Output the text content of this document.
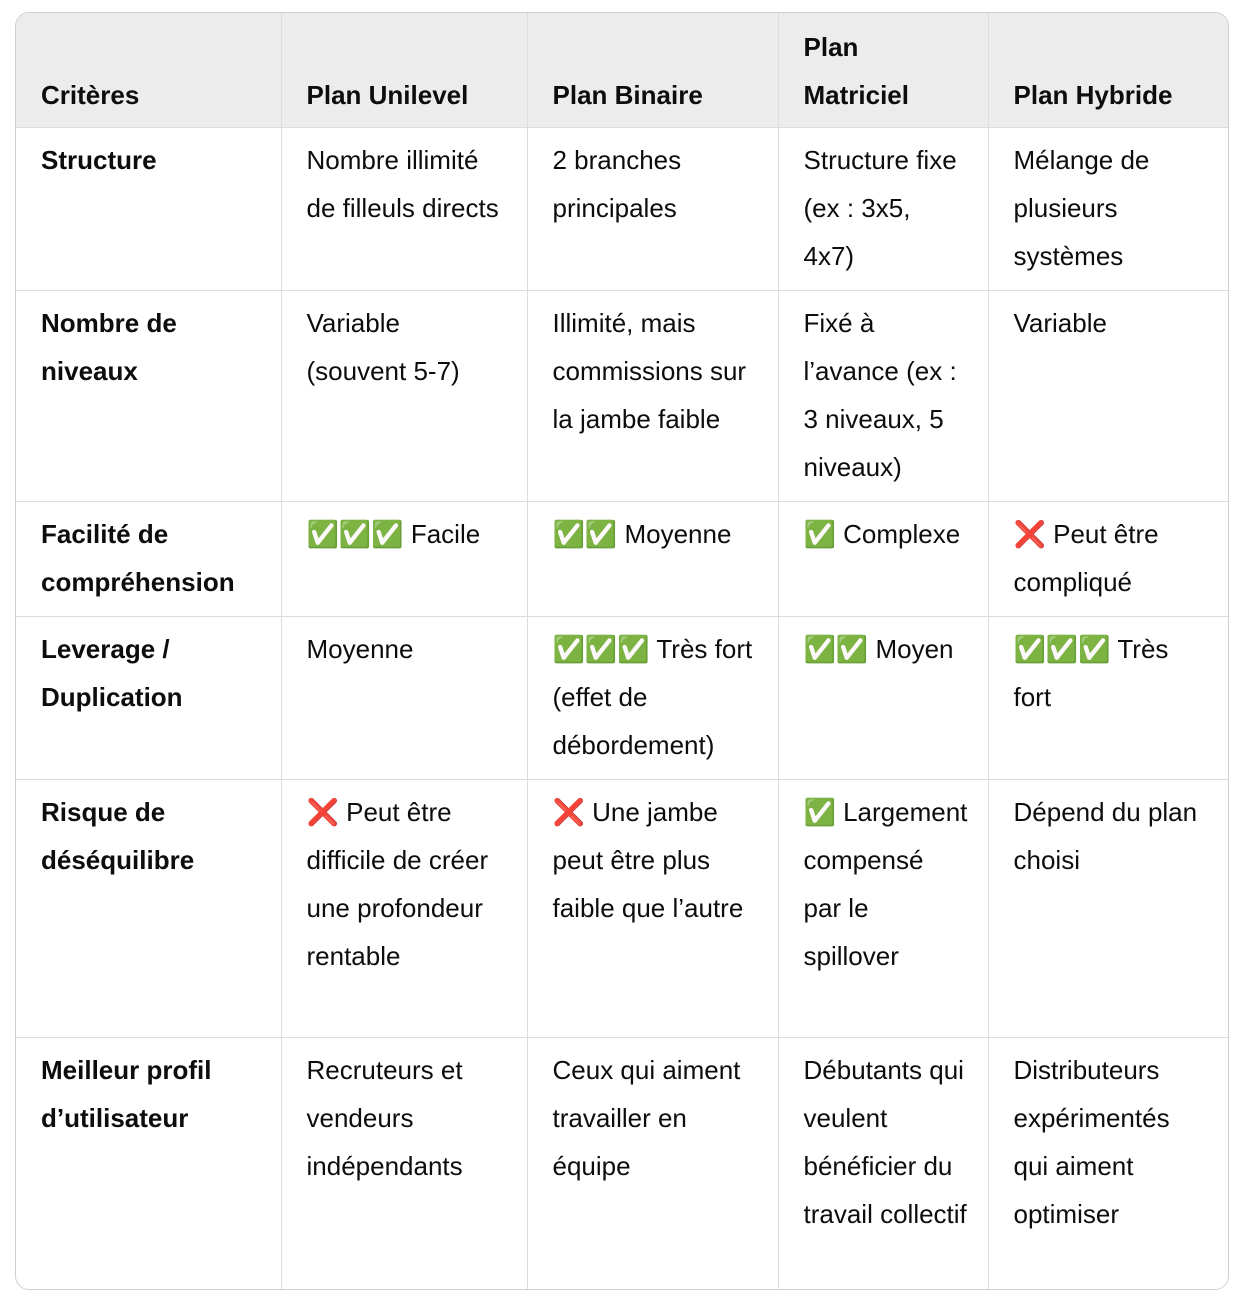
Critères	Plan Unilevel	Plan Binaire	Plan Matriciel	Plan Hybride
Structure	Nombre illimité de filleuls directs	2 branches principales	Structure fixe (ex : 3x5, 4x7)	Mélange de plusieurs systèmes
Nombre de niveaux	Variable (souvent 5-7)	Illimité, mais commissions sur la jambe faible	Fixé à l’avance (ex : 3 niveaux, 5 niveaux)	Variable
Facilité de compréhension	✅✅✅ Facile	✅✅ Moyenne	✅ Complexe	❌ Peut être compliqué
Leverage / Duplication	Moyenne	✅✅✅ Très fort (effet de débordement)	✅✅ Moyen	✅✅✅ Très fort
Risque de déséquilibre	❌ Peut être difficile de créer une profondeur rentable	❌ Une jambe peut être plus faible que l’autre	✅ Largement compensé par le spillover	Dépend du plan choisi
Meilleur profil d’utilisateur	Recruteurs et vendeurs indépendants	Ceux qui aiment travailler en équipe	Débutants qui veulent bénéficier du travail collectif	Distributeurs expérimentés qui aiment optimiser
